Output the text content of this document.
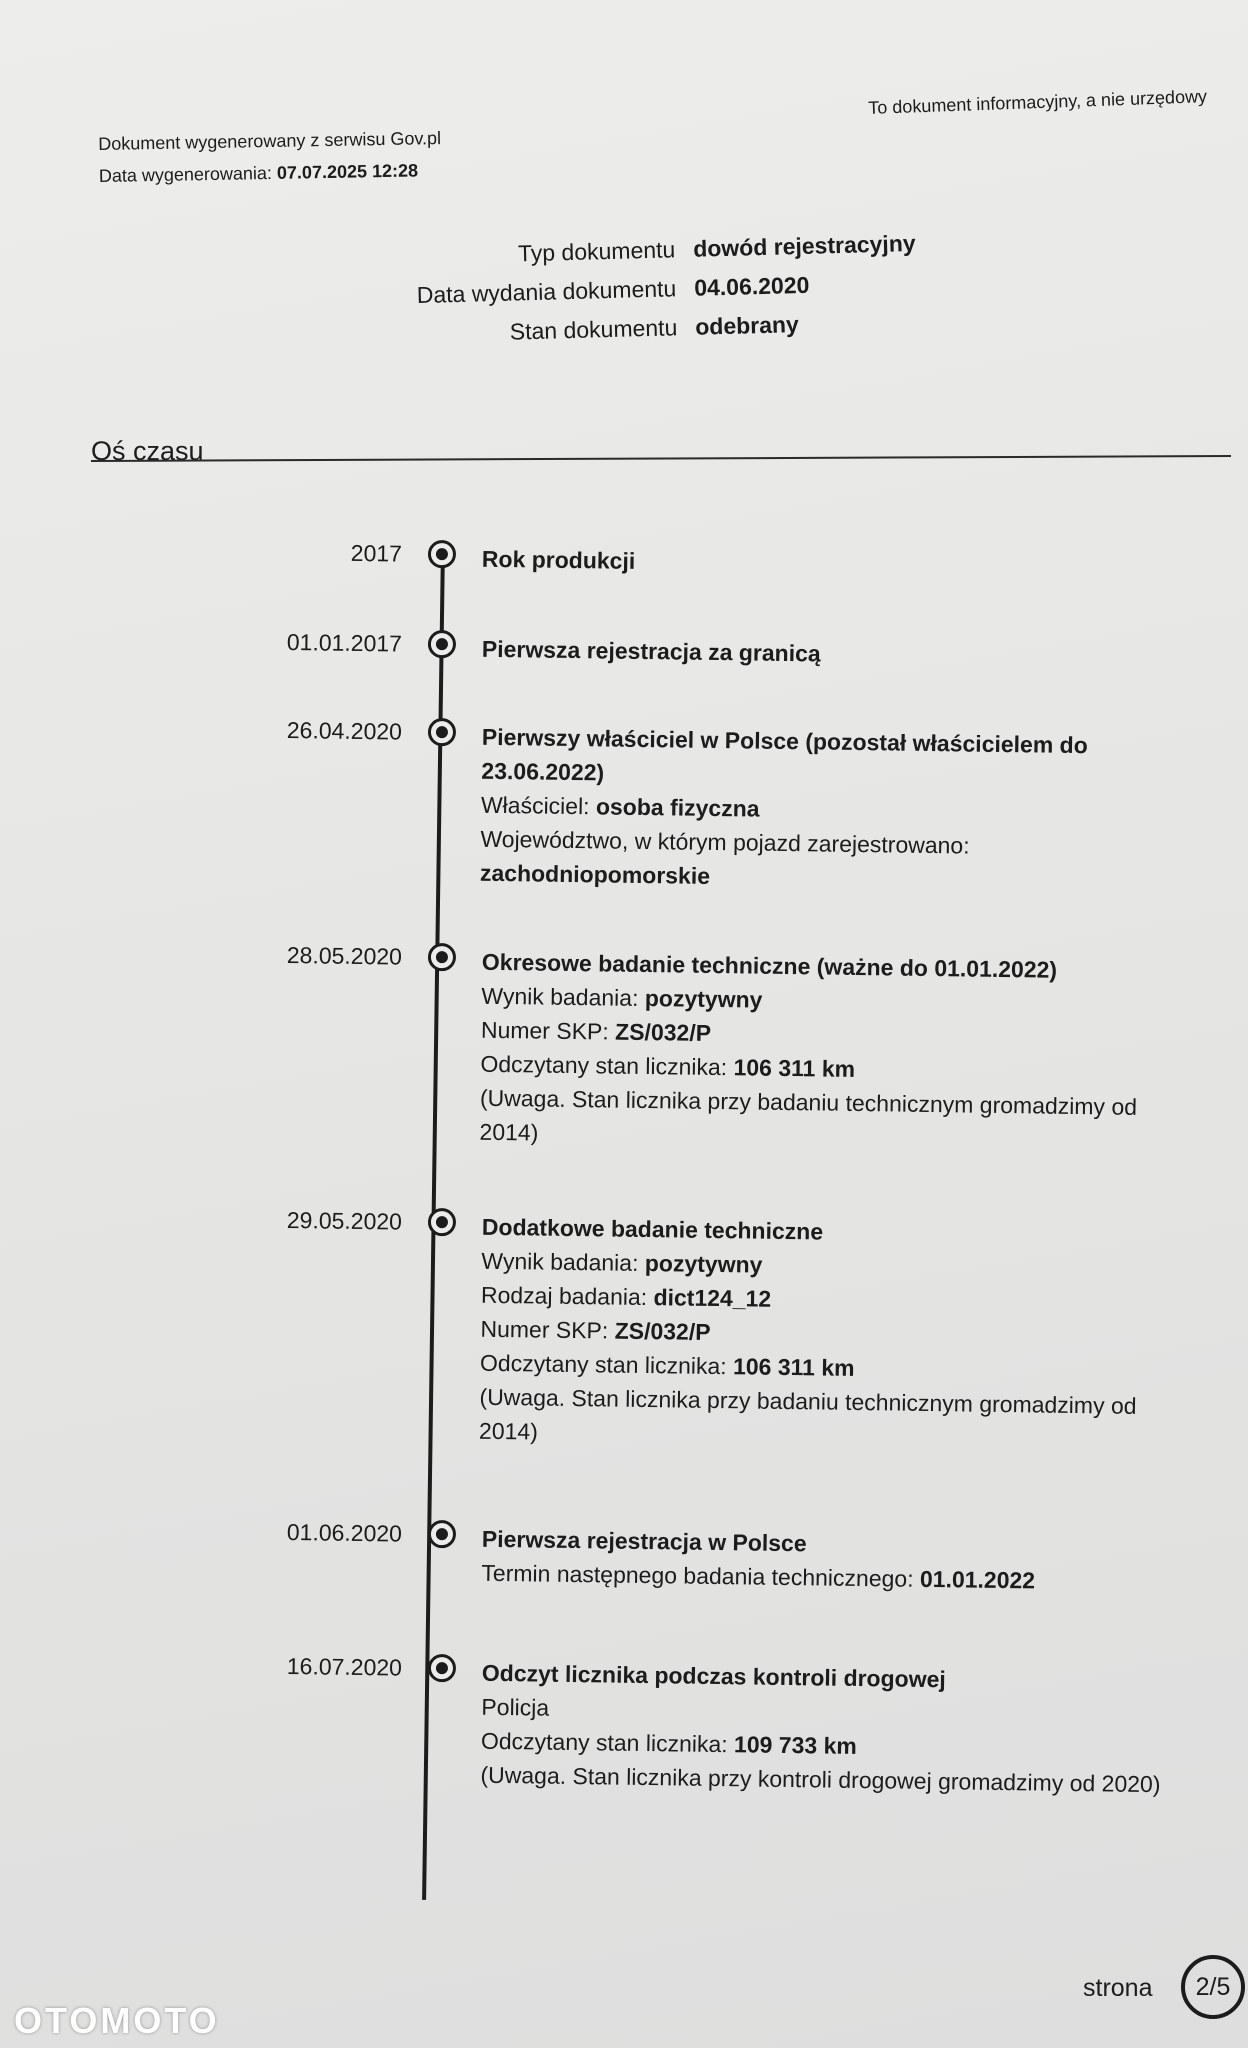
Dokument wygenerowany z serwisu Gov.pl
Data wygenerowania: 07.07.2025 12:28
To dokument informacyjny, a nie urzędowy
Typ dokumentu dowód rejestracyjny
Data wydania dokumentu 04.06.2020
Stan dokumentu odebrany
Oś czasu
2017	Rok produkcji
01.01.2017	Pierwsza rejestracja za granicą
26.04.2020	Pierwszy właściciel w Polsce (pozostał właścicielem do 23.06.2022)
Właściciel: osoba fizyczna
Województwo, w którym pojazd zarejestrowano: zachodniopomorskie
28.05.2020	Okresowe badanie techniczne (ważne do 01.01.2022)
Wynik badania: pozytywny
Numer SKP: ZS/032/P
Odczytany stan licznika: 106 311 km
(Uwaga. Stan licznika przy badaniu technicznym gromadzimy od 2014)
29.05.2020	Dodatkowe badanie techniczne
Wynik badania: pozytywny
Rodzaj badania: dict124_12
Numer SKP: ZS/032/P
Odczytany stan licznika: 106 311 km
(Uwaga. Stan licznika przy badaniu technicznym gromadzimy od 2014)
01.06.2020	Pierwsza rejestracja w Polsce
Termin następnego badania technicznego: 01.01.2022
16.07.2020	Odczyt licznika podczas kontroli drogowej
Policja
Odczytany stan licznika: 109 733 km
(Uwaga. Stan licznika przy kontroli drogowej gromadzimy od 2020)
strona 2/5
OTOMOTO
